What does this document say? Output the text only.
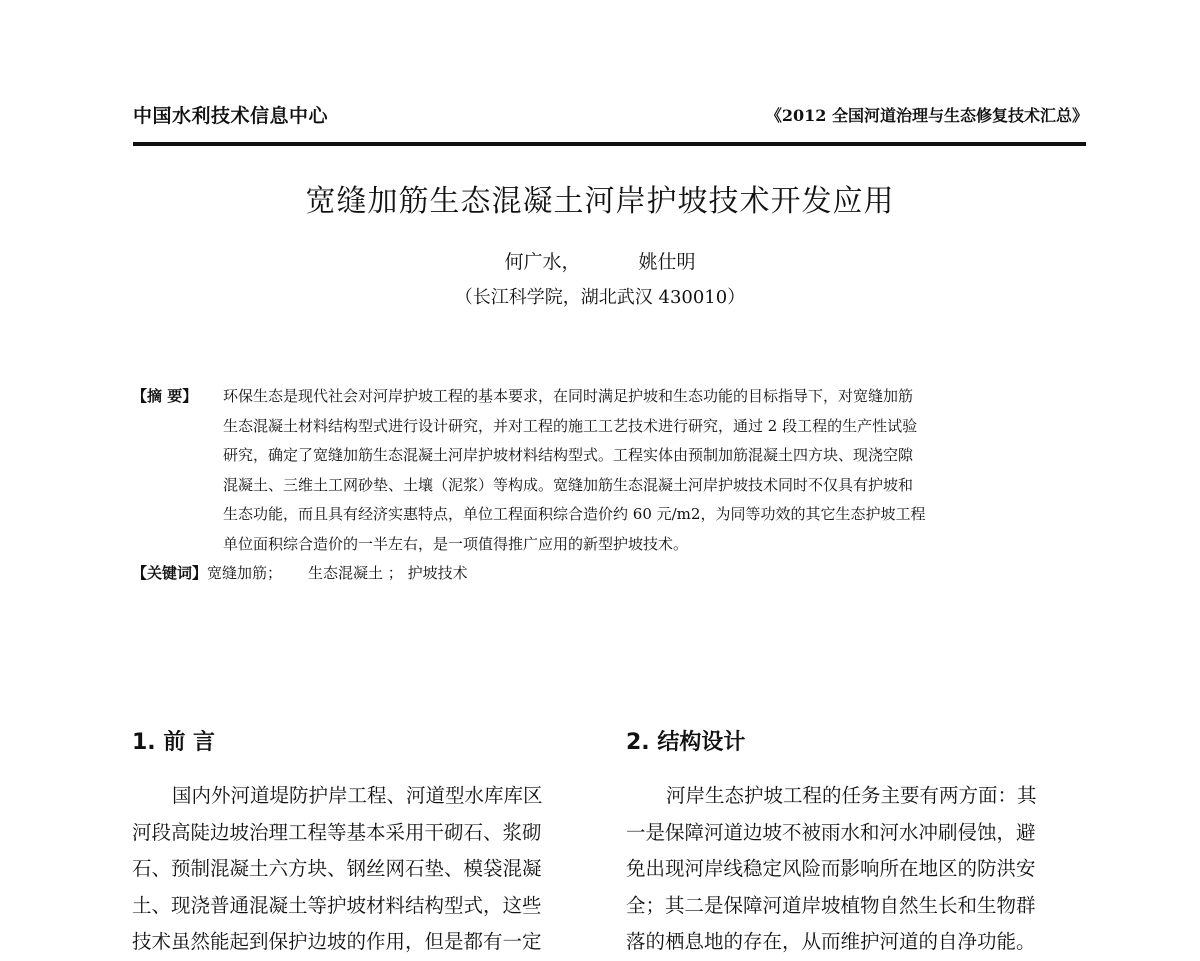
中国水利技术信息中心	《2012 全国河道治理与生态修复技术汇总》
宽缝加筋生态混凝土河岸护坡技术开发应用
何广水，	姚仕明
（长江科学院，湖北武汉 430010）
【摘 要】 环保生态是现代社会对河岸护坡工程的基本要求，在同时满足护坡和生态功能的目标指导下，对宽缝加筋
生态混凝土材料结构型式进行设计研究，并对工程的施工工艺技术进行研究，通过 2 段工程的生产性试验
研究，确定了宽缝加筋生态混凝土河岸护坡材料结构型式。工程实体由预制加筋混凝土四方块、现浇空隙
混凝土、三维土工网砂垫、土壤（泥浆）等构成。宽缝加筋生态混凝土河岸护坡技术同时不仅具有护坡和
生态功能，而且具有经济实惠特点，单位工程面积综合造价约 60 元/m2，为同等功效的其它生态护坡工程
单位面积综合造价的一半左右，是一项值得推广应用的新型护坡技术。
【关键词】宽缝加筋； 生态混凝土 ； 护坡技术
1. 前 言	2. 结构设计
国内外河道堤防护岸工程、河道型水库库区
河段高陡边坡治理工程等基本采用干砌石、浆砌
石、预制混凝土六方块、钢丝网石垫、模袋混凝
土、现浇普通混凝土等护坡材料结构型式，这些
技术虽然能起到保护边坡的作用，但是都有一定
河岸生态护坡工程的任务主要有两方面：其
一是保障河道边坡不被雨水和河水冲刷侵蚀，避
免出现河岸线稳定风险而影响所在地区的防洪安
全；其二是保障河道岸坡植物自然生长和生物群
落的栖息地的存在，从而维护河道的自净功能。
